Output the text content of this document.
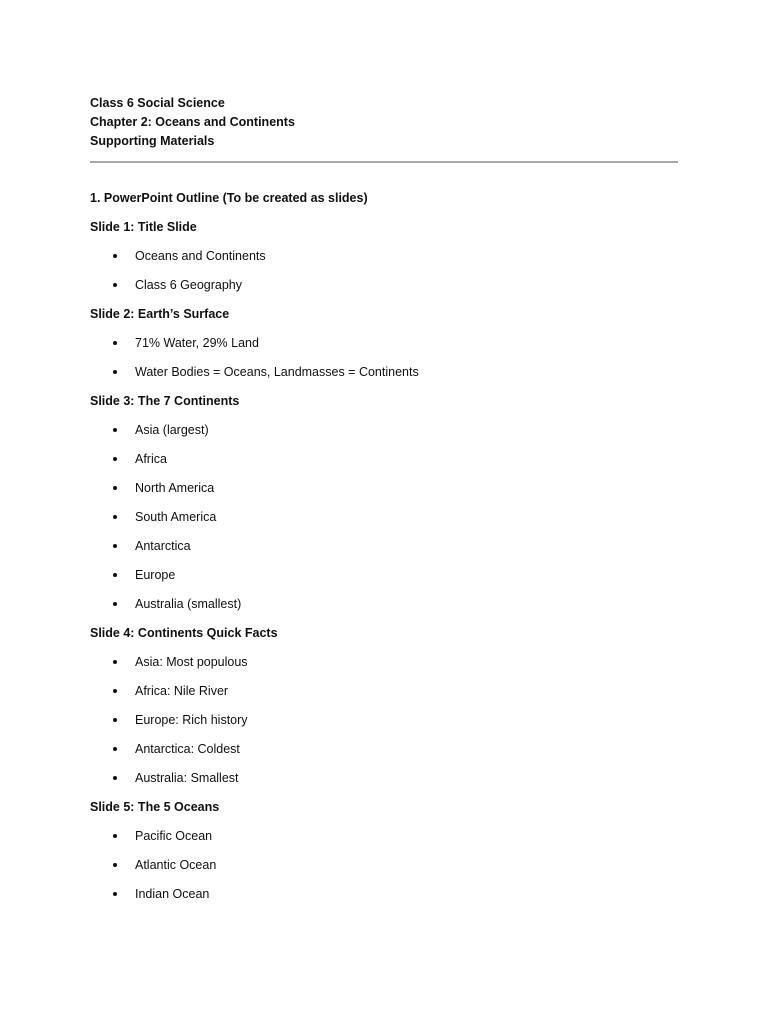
Class 6 Social Science
Chapter 2: Oceans and Continents
Supporting Materials
1. PowerPoint Outline (To be created as slides)
Slide 1: Title Slide
Oceans and Continents
Class 6 Geography
Slide 2: Earth’s Surface
71% Water, 29% Land
Water Bodies = Oceans, Landmasses = Continents
Slide 3: The 7 Continents
Asia (largest)
Africa
North America
South America
Antarctica
Europe
Australia (smallest)
Slide 4: Continents Quick Facts
Asia: Most populous
Africa: Nile River
Europe: Rich history
Antarctica: Coldest
Australia: Smallest
Slide 5: The 5 Oceans
Pacific Ocean
Atlantic Ocean
Indian Ocean
